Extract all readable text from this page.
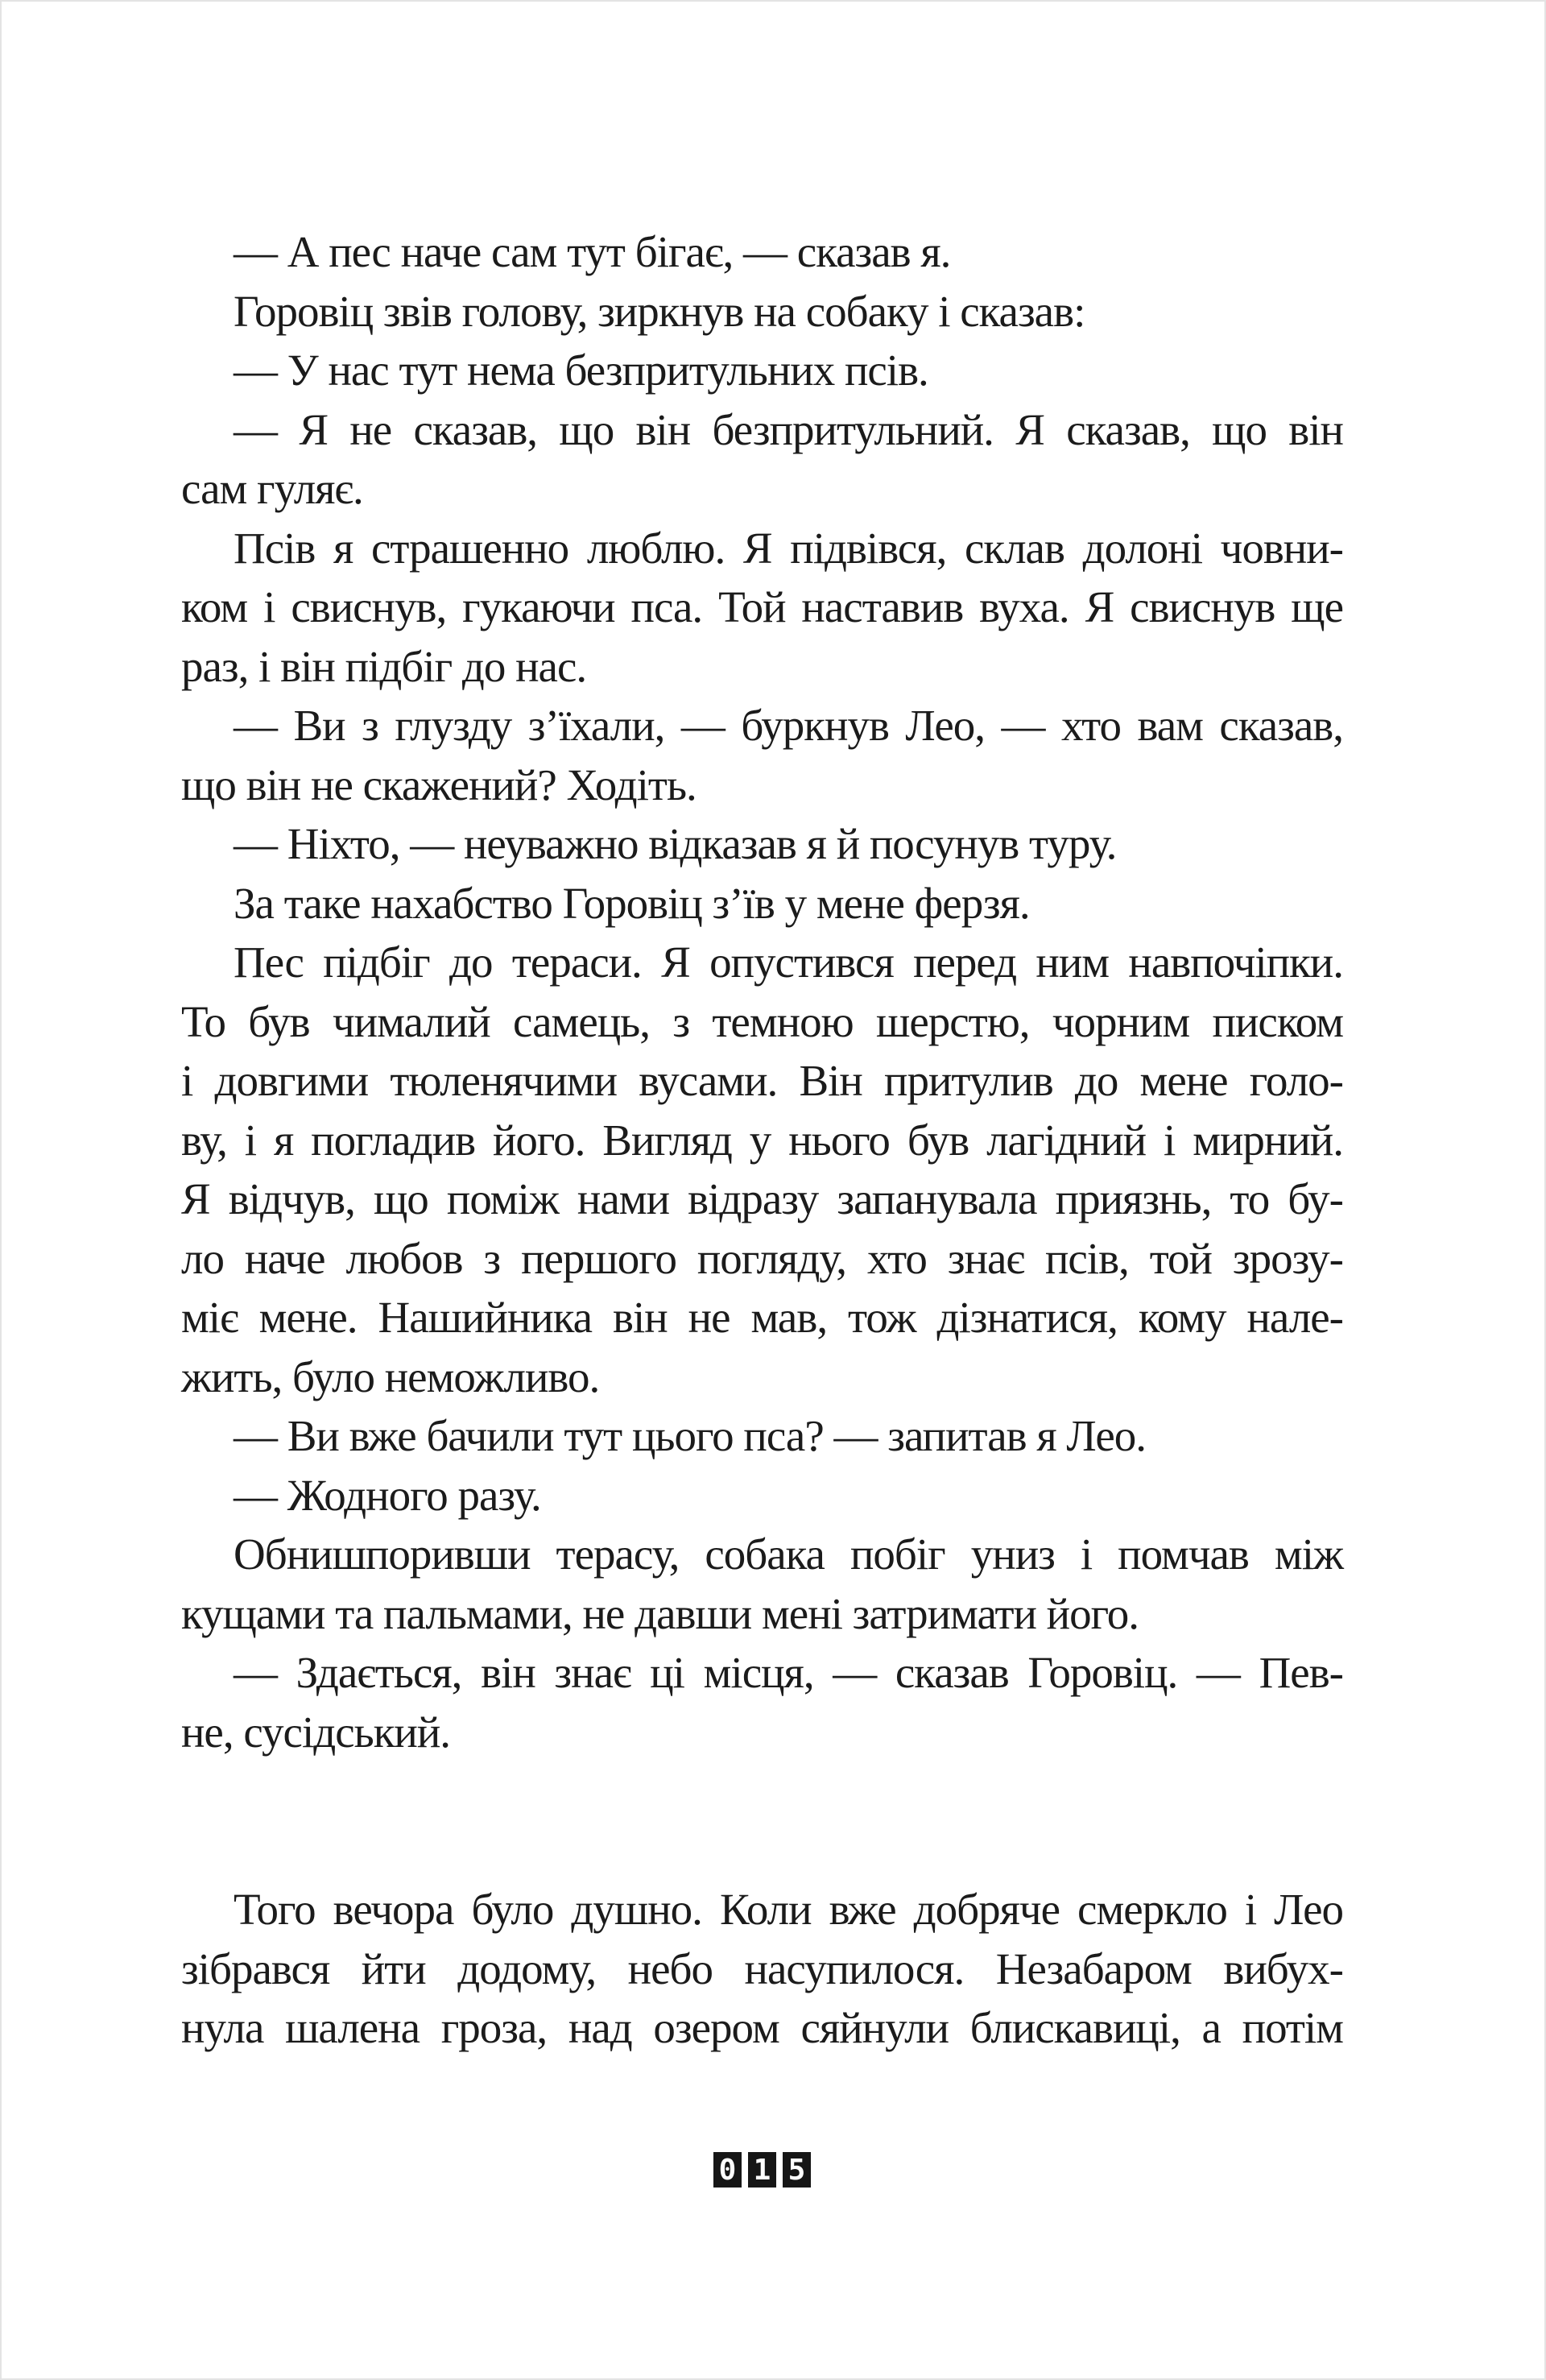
— А пес наче сам тут бігає, — сказав я.
Горовіц звів голову, зиркнув на собаку і сказав:
— У нас тут нема безпритульних псів.
— Я не сказав, що він безпритульний. Я сказав, що він
сам гуляє.
Псів я страшенно люблю. Я підвівся, склав долоні човни-
ком і свиснув, гукаючи пса. Той наставив вуха. Я свиснув ще
раз, і він підбіг до нас.
— Ви з глузду з’їхали, — буркнув Лео, — хто вам сказав,
що він не скажений? Ходіть.
— Ніхто, — неуважно відказав я й посунув туру.
За таке нахабство Горовіц з’їв у мене ферзя.
Пес підбіг до тераси. Я опустився перед ним навпочіпки.
То був чималий самець, з темною шерстю, чорним писком
і довгими тюленячими вусами. Він притулив до мене голо-
ву, і я погладив його. Вигляд у нього був лагідний і мирний.
Я відчув, що поміж нами відразу запанувала приязнь, то бу-
ло наче любов з першого погляду, хто знає псів, той зрозу-
міє мене. Нашийника він не мав, тож дізнатися, кому нале-
жить, було неможливо.
— Ви вже бачили тут цього пса? — запитав я Лео.
— Жодного разу.
Обнишпоривши терасу, собака побіг униз і помчав між
кущами та пальмами, не давши мені затримати його.
— Здається, він знає ці місця, — сказав Горовіц. — Пев-
не, сусідський.
Того вечора було душно. Коли вже добряче смеркло і Лео
зібрався йти додому, небо насупилося. Незабаром вибух-
нула шалена гроза, над озером сяйнули блискавиці, а потім
0 1 5
